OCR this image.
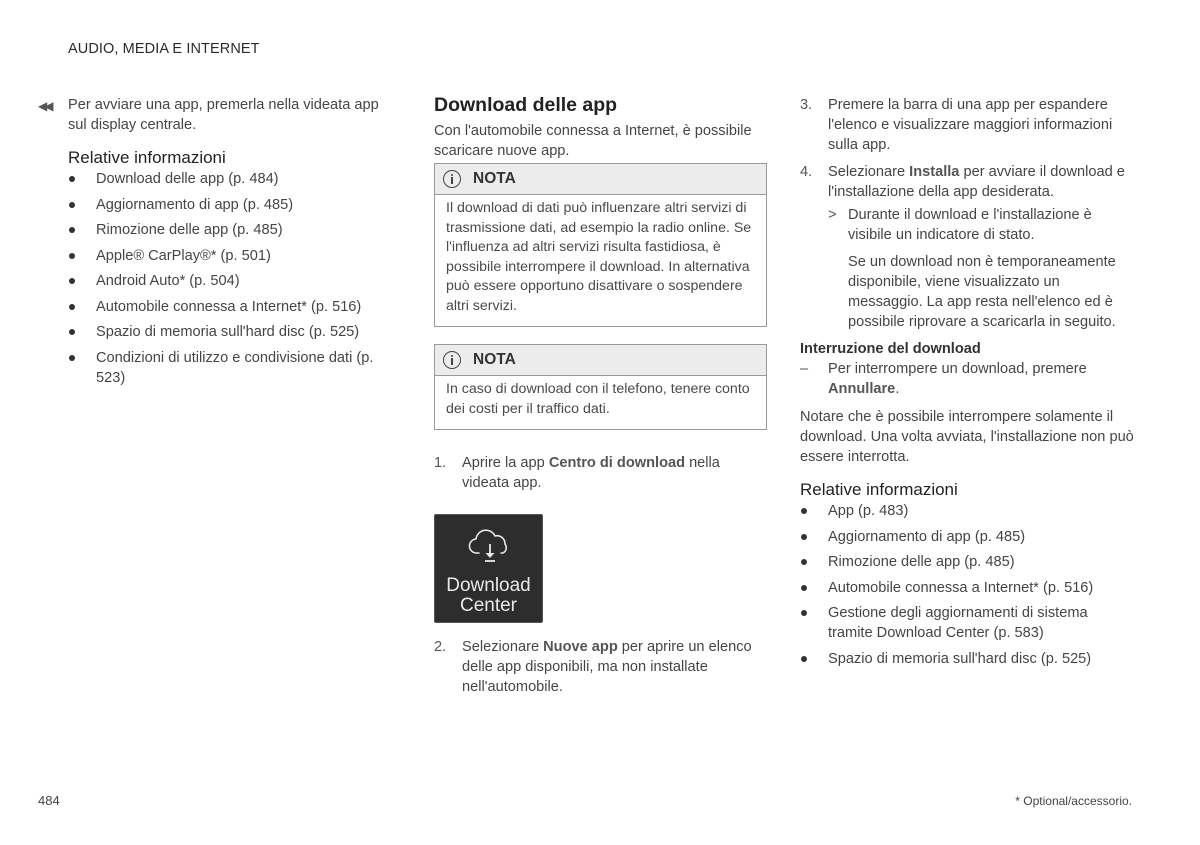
AUDIO, MEDIA E INTERNET
◀◀	Per avviare una app, premerla nella videata app sul display centrale.
Relative informazioni
Download delle app (p. 484)
Aggiornamento di app (p. 485)
Rimozione delle app (p. 485)
Apple® CarPlay®* (p. 501)
Android Auto* (p. 504)
Automobile connessa a Internet* (p. 516)
Spazio di memoria sull'hard disc (p. 525)
Condizioni di utilizzo e condivisione dati (p. 523)
Download delle app
Con l'automobile connessa a Internet, è possibile scaricare nuove app.
NOTA
Il download di dati può influenzare altri servizi di trasmissione dati, ad esempio la radio online. Se l'influenza ad altri servizi risulta fastidiosa, è possibile interrompere il download. In alternativa può essere opportuno disattivare o sospendere altri servizi.
NOTA
In caso di download con il telefono, tenere conto dei costi per il traffico dati.
1.	Aprire la app Centro di download nella videata app.
Download
Center
2.	Selezionare Nuove app per aprire un elenco delle app disponibili, ma non installate nell'automobile.
3.	Premere la barra di una app per espandere l'elenco e visualizzare maggiori informazioni sulla app.
4.	Selezionare Installa per avviare il download e l'installazione della app desiderata.
> Durante il download e l'installazione è visibile un indicatore di stato.
Se un download non è temporaneamente disponibile, viene visualizzato un messaggio. La app resta nell'elenco ed è possibile riprovare a scaricarla in seguito.
Interruzione del download
–	Per interrompere un download, premere Annullare.
Notare che è possibile interrompere solamente il download. Una volta avviata, l'installazione non può essere interrotta.
Relative informazioni
App (p. 483)
Aggiornamento di app (p. 485)
Rimozione delle app (p. 485)
Automobile connessa a Internet* (p. 516)
Gestione degli aggiornamenti di sistema tramite Download Center (p. 583)
Spazio di memoria sull'hard disc (p. 525)
484	* Optional/accessorio.
